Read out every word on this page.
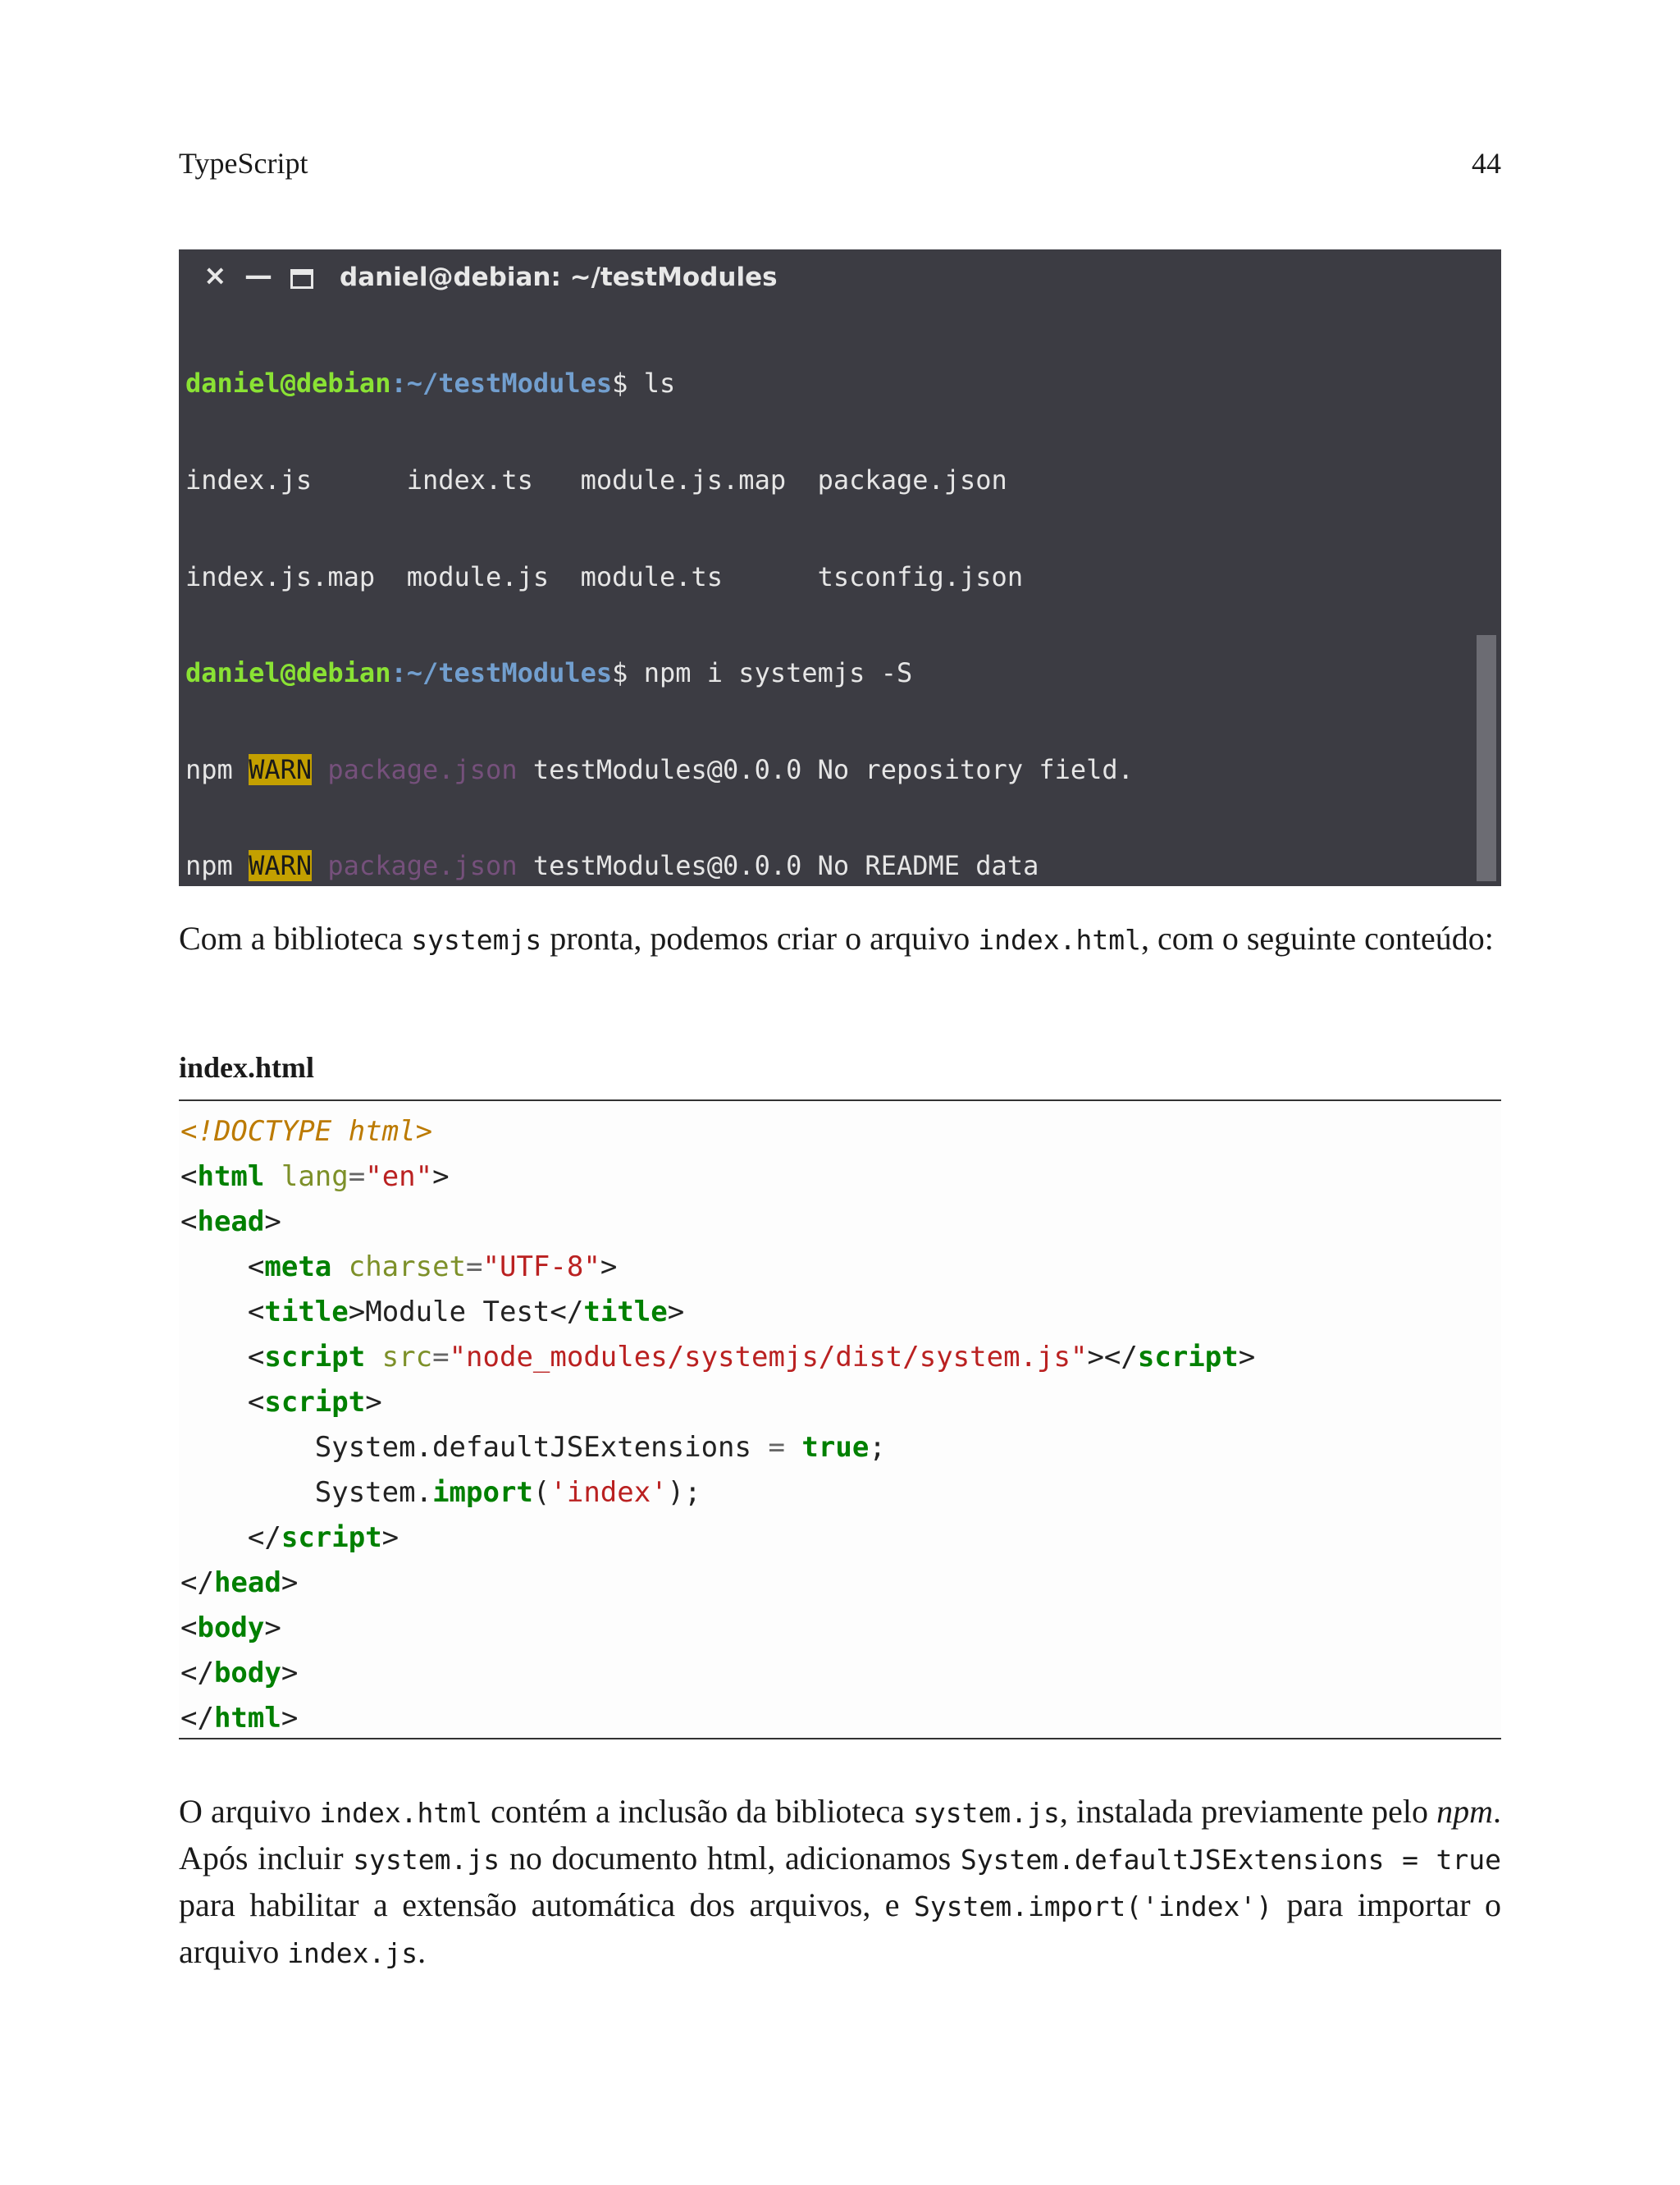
TypeScript	44
× —	daniel@debian: ~/testModules

daniel@debian:~/testModules$ ls

index.js      index.ts   module.js.map  package.json

index.js.map  module.js  module.ts      tsconfig.json

daniel@debian:~/testModules$ npm i systemjs -S

npm WARN package.json testModules@0.0.0 No repository field.

npm WARN package.json testModules@0.0.0 No README data

Com a biblioteca systemjs pronta, podemos criar o arquivo index.html, com o seguinte conteúdo:
index.html
<!DOCTYPE html>
<html lang="en">
<head>
<meta charset="UTF-8">
<title>Module Test</title>
<script src="node_modules/systemjs/dist/system.js"></script>
<script>
System.defaultJSExtensions = true;
System.import('index');
</script>
</head>
<body>
</body>
</html>
O arquivo index.html contém a inclusão da biblioteca system.js, instalada previamente pelo npm. Após incluir system.js no documento html, adicionamos System.defaultJSExtensions = true para habilitar a extensão automática dos arquivos, e System.import('index') para importar o arquivo index.js.
